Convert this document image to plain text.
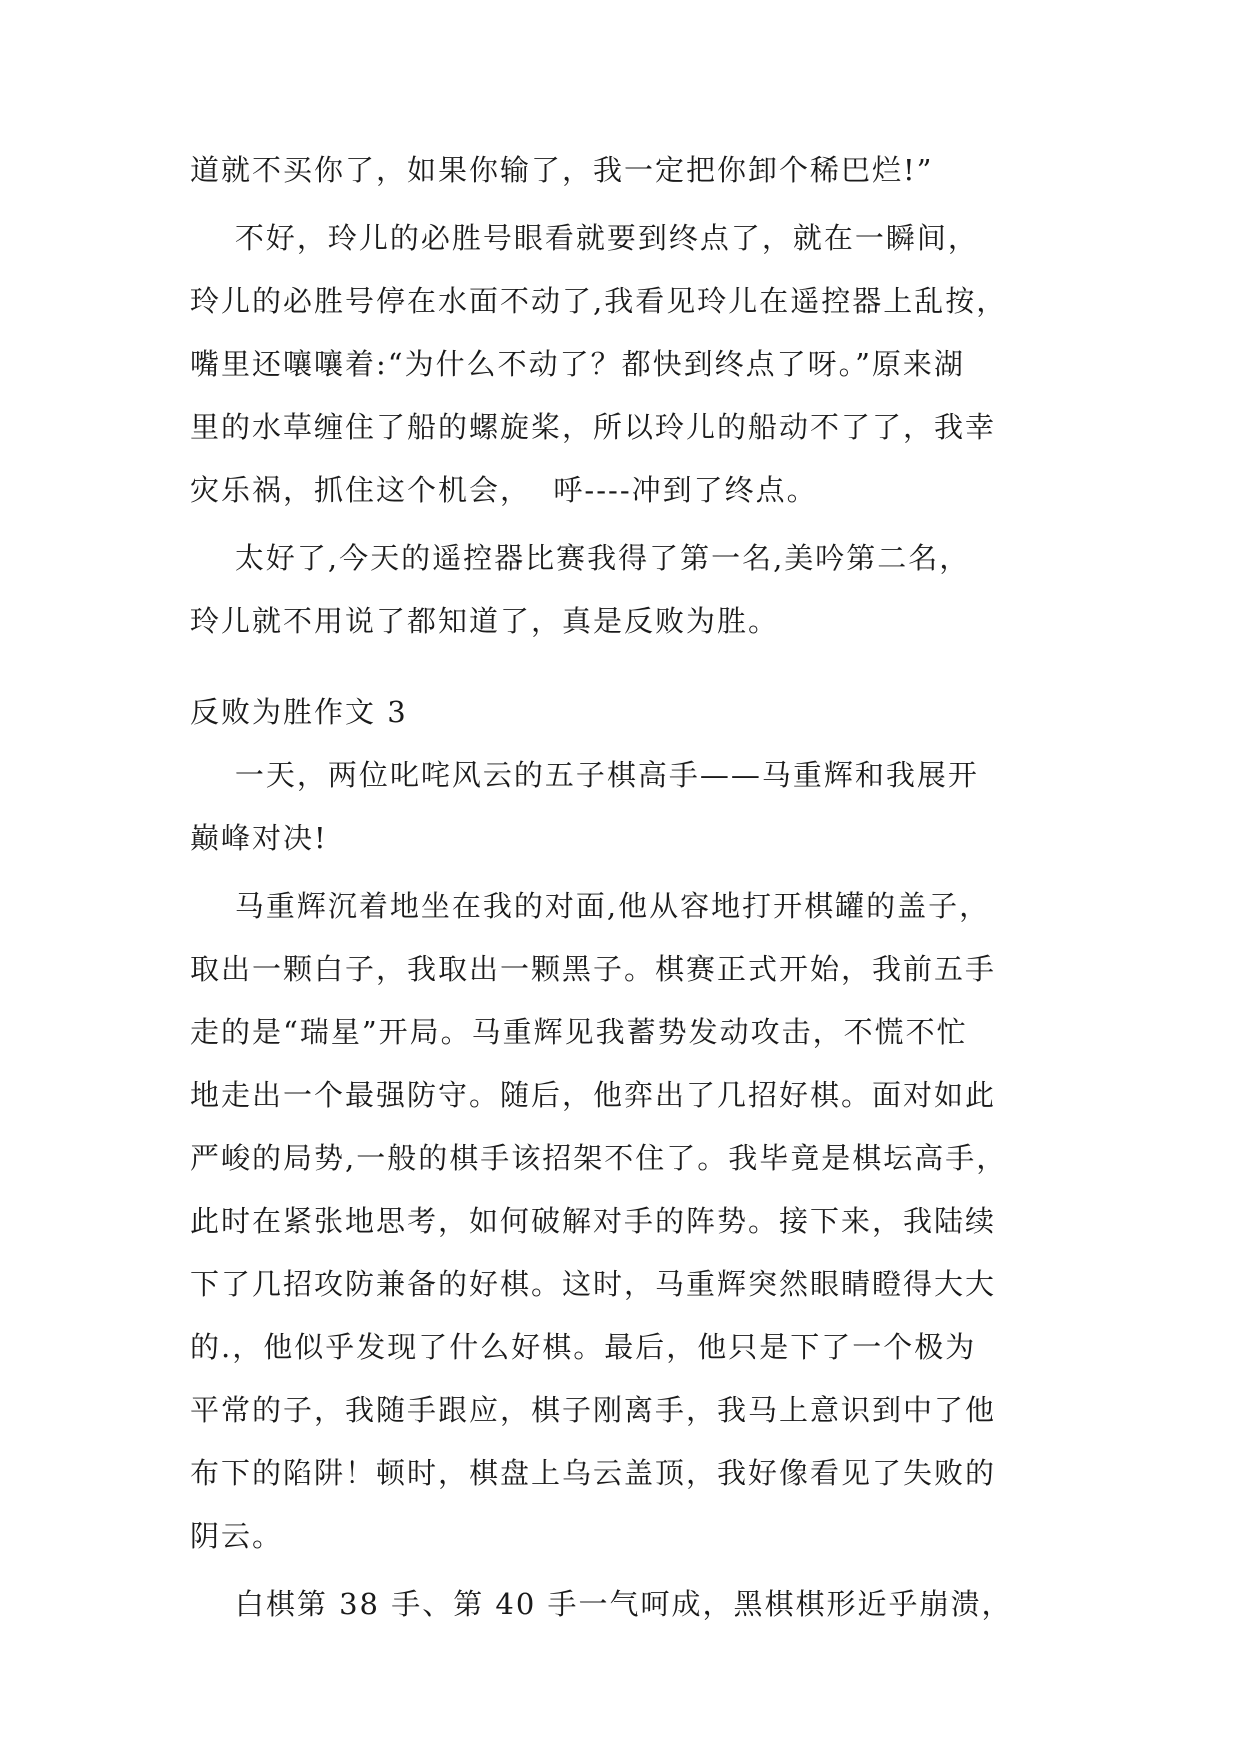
道就不买你了，如果你输了，我一定把你卸个稀巴烂!”
不好，玲儿的必胜号眼看就要到终点了，就在一瞬间，
玲儿的必胜号停在水面不动了,我看见玲儿在遥控器上乱按，
嘴里还嚷嚷着:“为什么不动了？都快到终点了呀。”原来湖
里的水草缠住了船的螺旋桨，所以玲儿的船动不了了，我幸
灾乐祸，抓住这个机会，  呼----冲到了终点。
太好了,今天的遥控器比赛我得了第一名,美吟第二名，
玲儿就不用说了都知道了，真是反败为胜。
反败为胜作文 3
一天，两位叱咤风云的五子棋高手——马重辉和我展开
巅峰对决!
马重辉沉着地坐在我的对面,他从容地打开棋罐的盖子，
取出一颗白子，我取出一颗黑子。棋赛正式开始，我前五手
走的是“瑞星”开局。马重辉见我蓄势发动攻击，不慌不忙
地走出一个最强防守。随后，他弈出了几招好棋。面对如此
严峻的局势,一般的棋手该招架不住了。我毕竟是棋坛高手，
此时在紧张地思考，如何破解对手的阵势。接下来，我陆续
下了几招攻防兼备的好棋。这时，马重辉突然眼睛瞪得大大
的.，他似乎发现了什么好棋。最后，他只是下了一个极为
平常的子，我随手跟应，棋子刚离手，我马上意识到中了他
布下的陷阱！顿时，棋盘上乌云盖顶，我好像看见了失败的
阴云。
白棋第 38 手、第 40 手一气呵成，黑棋棋形近乎崩溃，
